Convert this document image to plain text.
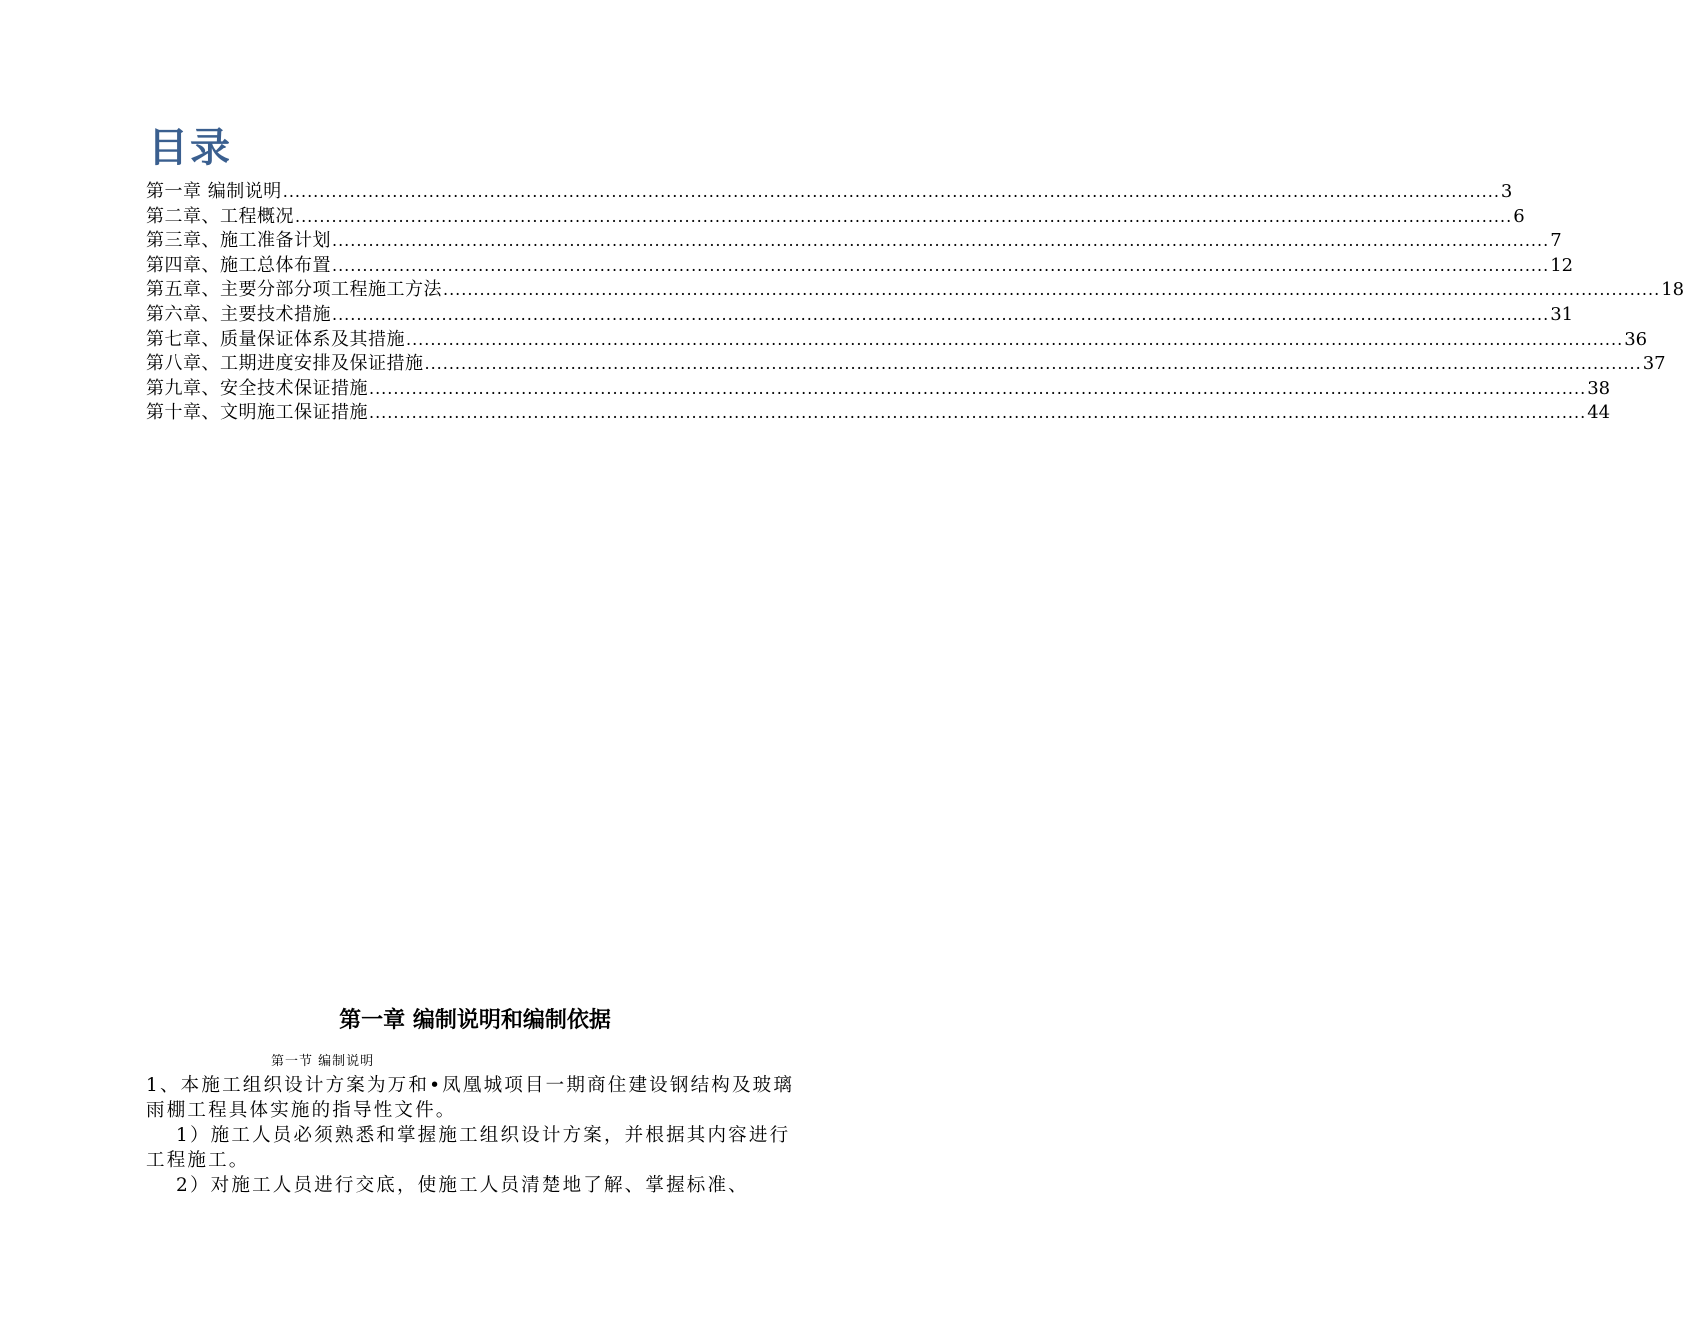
目录
第一章 编制说明 ........................................................................................................................................................................................................ 3
第二章、工程概况 ........................................................................................................................................................................................................ 6
第三章、施工准备计划 ........................................................................................................................................................................................................ 7
第四章、施工总体布置 ........................................................................................................................................................................................................ 12
第五章、主要分部分项工程施工方法 ........................................................................................................................................................................................................ 18
第六章、主要技术措施 ........................................................................................................................................................................................................ 31
第七章、质量保证体系及其措施 ........................................................................................................................................................................................................ 36
第八章、工期进度安排及保证措施 ........................................................................................................................................................................................................ 37
第九章、安全技术保证措施 ........................................................................................................................................................................................................ 38
第十章、文明施工保证措施 ........................................................................................................................................................................................................ 44
第一章 编制说明和编制依据
第一节 编制说明

1、本施工组织设计方案为万和•凤凰城项目一期商住建设钢结构及玻璃雨棚工程具体实施的指导性文件。

1）施工人员必须熟悉和掌握施工组织设计方案，并根据其内容进行工程施工。

2）对施工人员进行交底，使施工人员清楚地了解、掌握标准、
